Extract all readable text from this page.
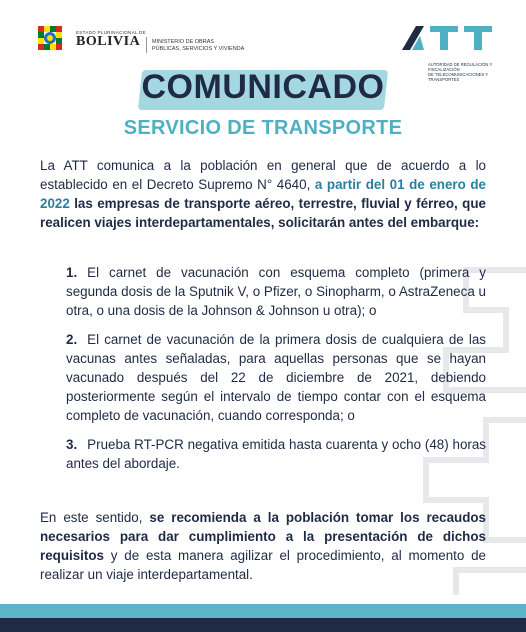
ESTADO PLURINACIONAL DE
BOLIVIA	MINISTERIO DE OBRAS
PÚBLICAS, SERVICIOS Y VIVIENDA
AUTORIDAD DE REGULACIÓN Y FISCALIZACIÓN
DE TELECOMUNICACIONES Y TRANSPORTES
COMUNICADO
SERVICIO DE TRANSPORTE
La ATT comunica a la población en general que de acuerdo a lo establecido en el Decreto Supremo N° 4640, a partir del 01 de enero de 2022 las empresas de transporte aéreo, terrestre, fluvial y férreo, que realicen viajes interdepartamentales, solicitarán antes del embarque:
1. El carnet de vacunación con esquema completo (primera y segunda dosis de la Sputnik V, o Pfizer, o Sinopharm, o AstraZeneca u otra, o una dosis de la Johnson & Johnson u otra); o
2. El carnet de vacunación de la primera dosis de cualquiera de las vacunas antes señaladas, para aquellas personas que se hayan vacunado después del 22 de diciembre de 2021, debiendo posteriormente según el intervalo de tiempo contar con el esquema completo de vacunación, cuando corresponda; o
3. Prueba RT-PCR negativa emitida hasta cuarenta y ocho (48) horas antes del abordaje.
En este sentido, se recomienda a la población tomar los recaudos necesarios para dar cumplimiento a la presentación de dichos requisitos y de esta manera agilizar el procedimiento, al momento de realizar un viaje interdepartamental.
